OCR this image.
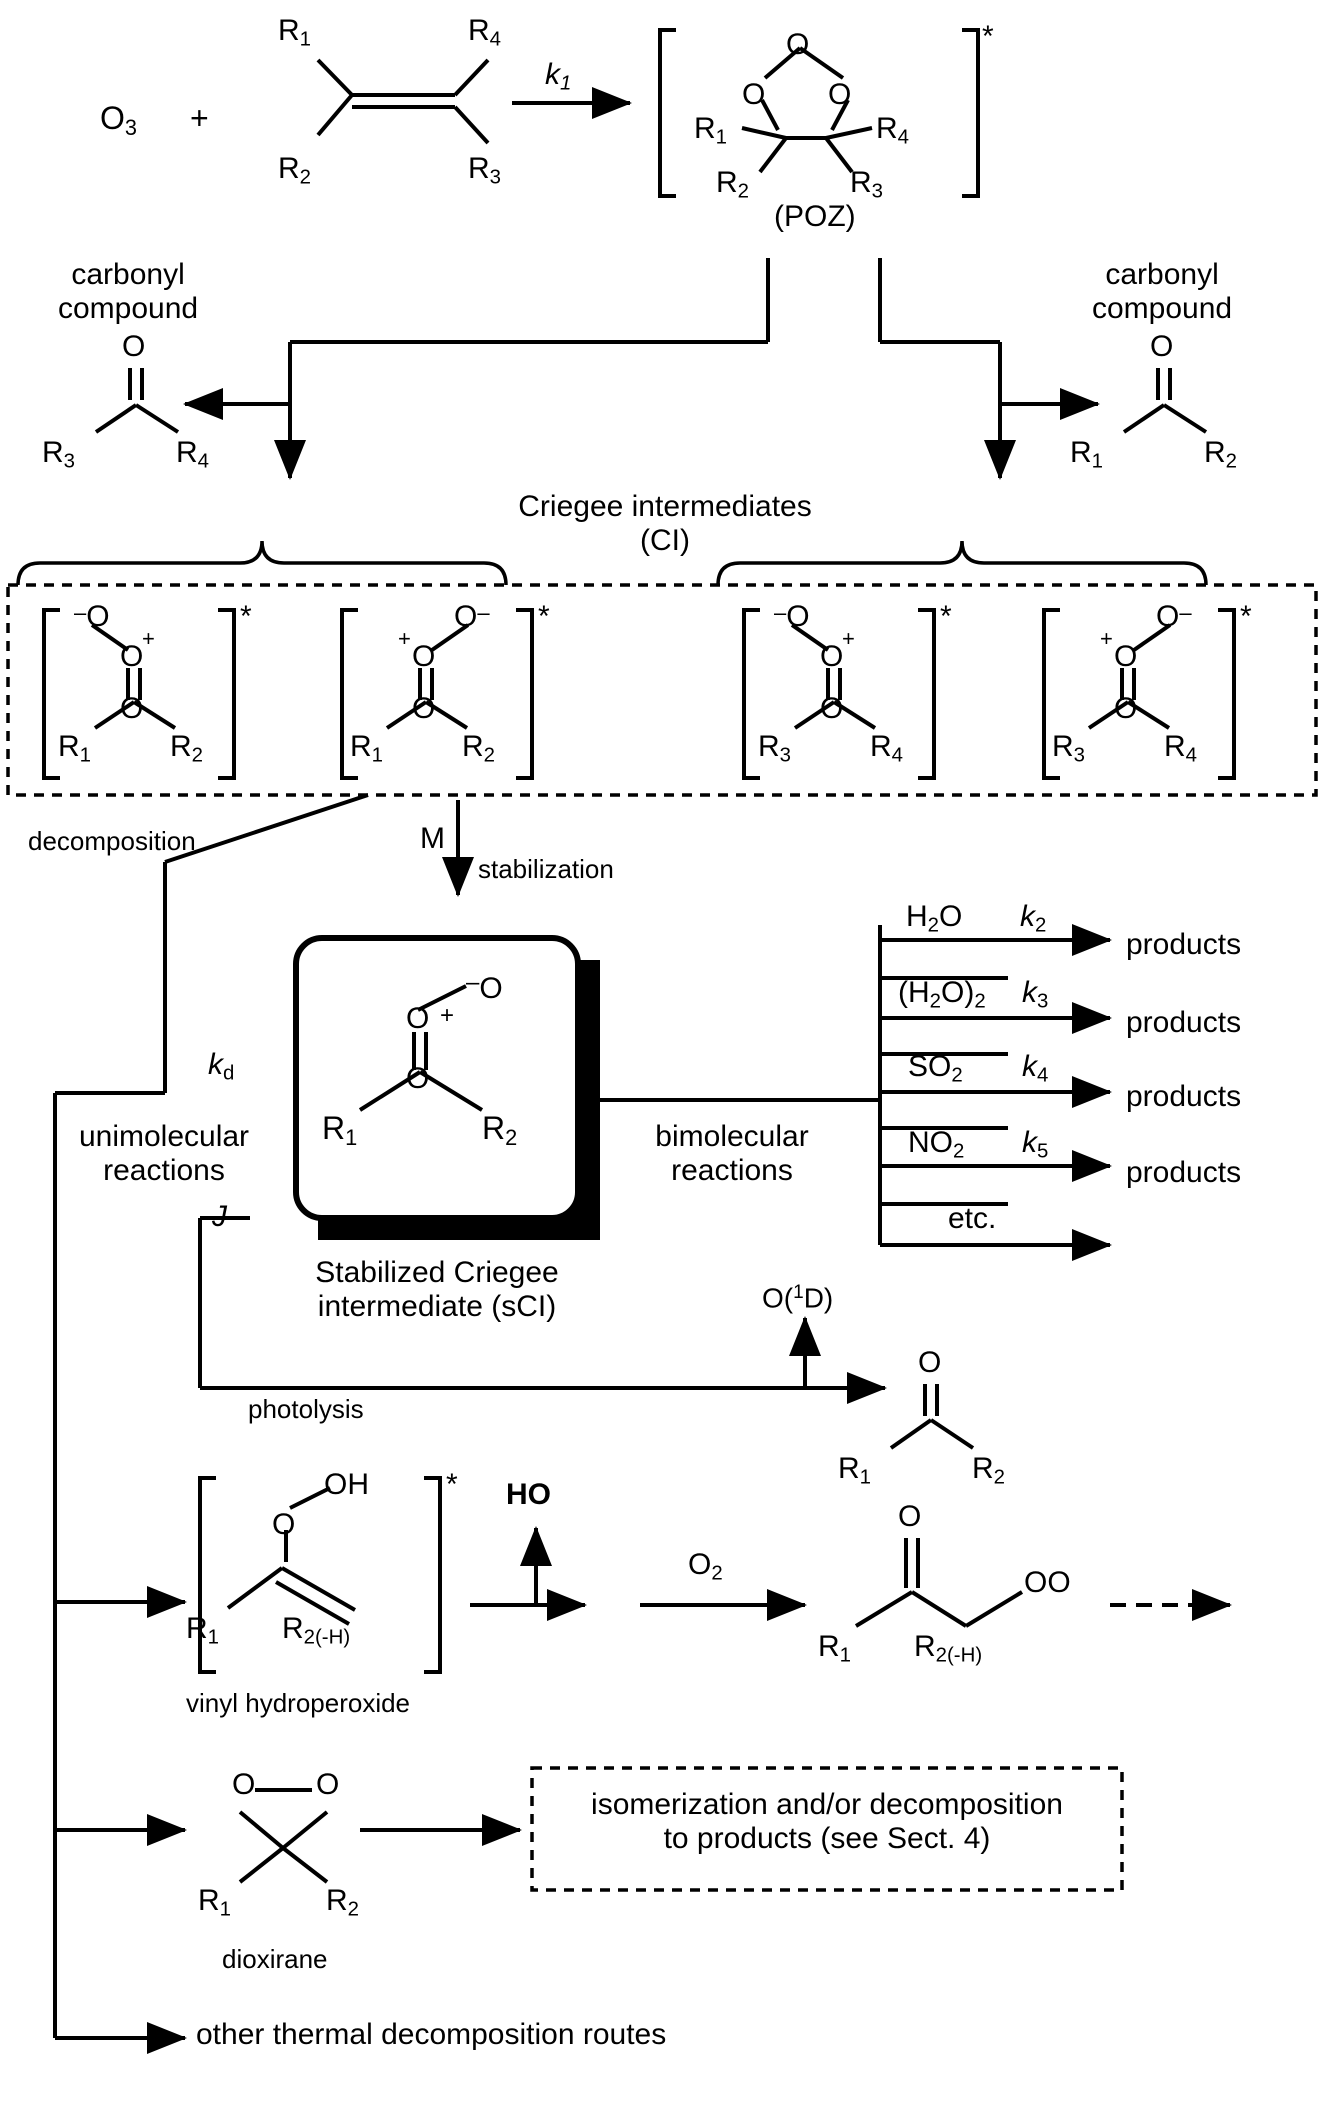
$O_3$ +
$R_1$	$R_4$
$R_2$	$R_3$
$k_1$
O
O O
$R_1$	$R_4$
$R_2$	$R_3$
*
(POZ)
carbonyl
compound
carbonyl
compound
O
$R_3$	$R_4$
O
$R_1$	$R_2$
Criegee intermediates
(CI)
–O
+
O
O
$R_1$	$R_2$
*	O–
+
O
O
$R_1$	$R_2$
*	–O
+
O
O
$R_3$	$R_4$
*	O–
+
O
O
$R_3$	$R_4$
*
decomposition	M
stabilization
$k_d$
unimolecular
reactions
bimolecular
reactions
J
photolysis
–O
+
O
O
$R_1$	$R_2$
Stabilized Criegee
intermediate (sCI)
$H_2O$ $k_2$
products
$(H_2O)_2$ $k_3$
products
$SO_2$ $k_4$
products
$NO_2$ $k_5$
products
etc.
O($^1$D)
O
$R_1$	$R_2$
OH
O
$R_1$ $R_{2(-H)}$
* HO
$O_2$
O
$R_1$ $R_{2(-H)}$
OO
vinyl hydroperoxide
O O
$R_1$	$R_2$
dioxirane
isomerization and/or decomposition
to products (see Sect. 4)
other thermal decomposition routes
